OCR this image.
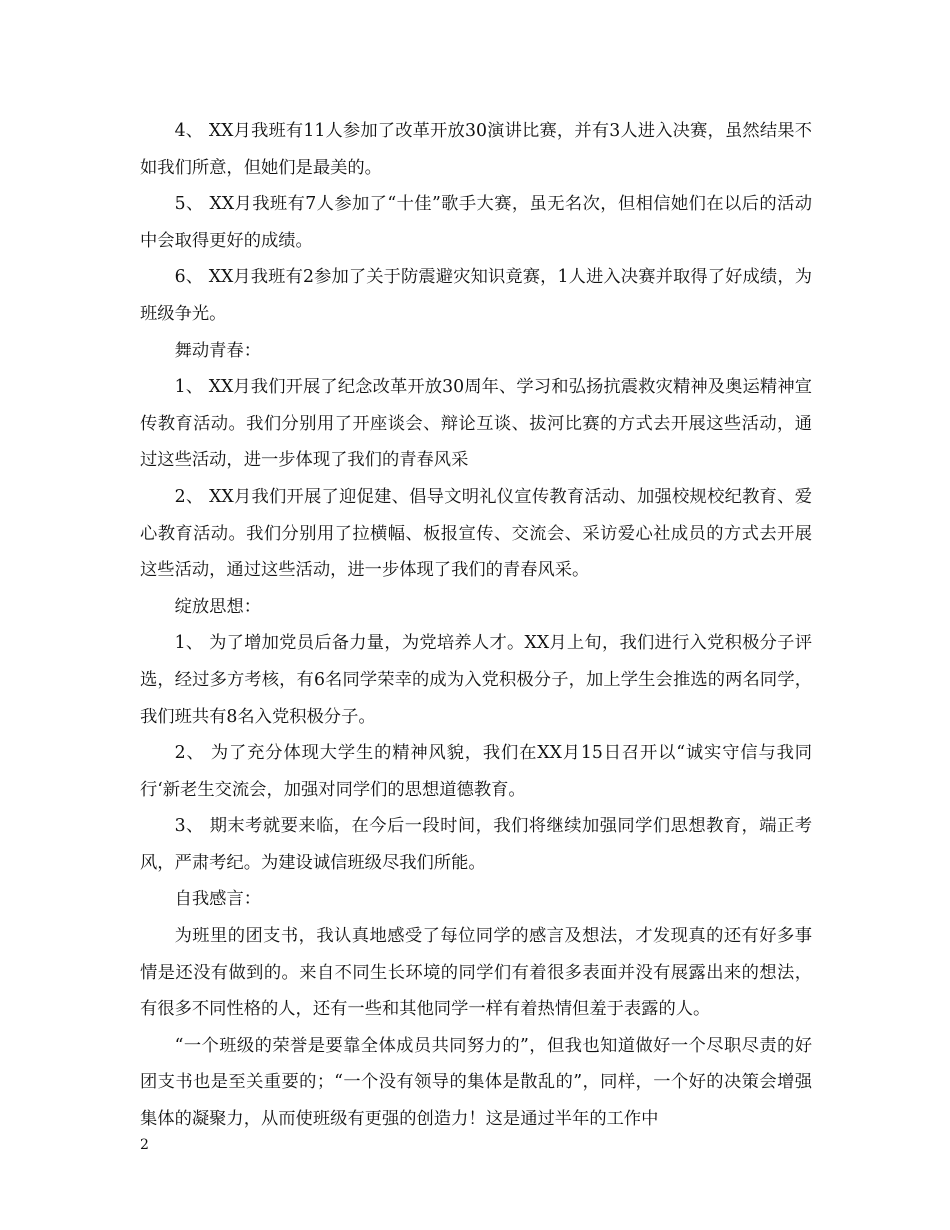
4、 XX月我班有11人参加了改革开放30演讲比赛，并有3人进入决赛，虽然结果不如我们所意，但她们是最美的。

5、 XX月我班有7人参加了“十佳”歌手大赛，虽无名次，但相信她们在以后的活动中会取得更好的成绩。

6、 XX月我班有2参加了关于防震避灾知识竟赛，1人进入决赛并取得了好成绩，为班级争光。

舞动青春：

1、 XX月我们开展了纪念改革开放30周年、学习和弘扬抗震救灾精神及奥运精神宣传教育活动。我们分别用了开座谈会、辩论互谈、拔河比赛的方式去开展这些活动，通过这些活动，进一步体现了我们的青春风采

2、 XX月我们开展了迎促建、倡导文明礼仪宣传教育活动、加强校规校纪教育、爱心教育活动。我们分别用了拉横幅、板报宣传、交流会、采访爱心社成员的方式去开展这些活动，通过这些活动，进一步体现了我们的青春风采。

绽放思想：

1、 为了增加党员后备力量，为党培养人才。XX月上旬，我们进行入党积极分子评选，经过多方考核，有6名同学荣幸的成为入党积极分子，加上学生会推选的两名同学，我们班共有8名入党积极分子。

2、 为了充分体现大学生的精神风貌，我们在XX月15日召开以“诚实守信与我同行‘新老生交流会，加强对同学们的思想道德教育。

3、 期末考就要来临，在今后一段时间，我们将继续加强同学们思想教育，端正考风，严肃考纪。为建设诚信班级尽我们所能。

自我感言：

为班里的团支书，我认真地感受了每位同学的感言及想法，才发现真的还有好多事情是还没有做到的。来自不同生长环境的同学们有着很多表面并没有展露出来的想法，有很多不同性格的人，还有一些和其他同学一样有着热情但羞于表露的人。

“一个班级的荣誉是要靠全体成员共同努力的”，但我也知道做好一个尽职尽责的好团支书也是至关重要的；“一个没有领导的集体是散乱的”，同样，一个好的决策会增强集体的凝聚力，从而使班级有更强的创造力！这是通过半年的工作中

2
